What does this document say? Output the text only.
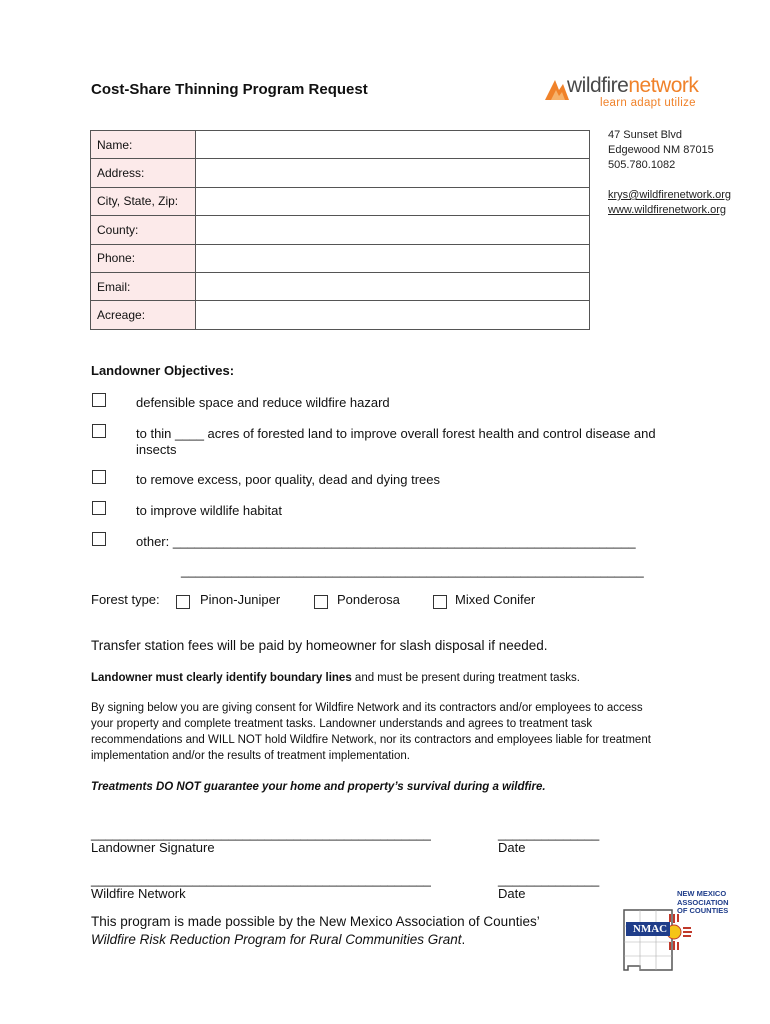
Cost-Share Thinning Program Request	wildfirenetwork
learn adapt utilize
47 Sunset Blvd
Edgewood NM 87015
505.780.1082
krys@wildfirenetwork.org
www.wildfirenetwork.org
Name:	
Address:	
City, State, Zip:	
County:	
Phone:	
Email:	
Acreage:	
Landowner Objectives:
defensible space and reduce wildfire hazard
to thin ____ acres of forested land to improve overall forest health and control disease and insects
to remove excess, poor quality, dead and dying trees
to improve wildlife habitat
other: ________________________________________________________________
________________________________________________________________
Forest type:	Pinon-Juniper	Ponderosa	Mixed Conifer
Transfer station fees will be paid by homeowner for slash disposal if needed.
Landowner must clearly identify boundary lines and must be present during treatment tasks.
By signing below you are giving consent for Wildfire Network and its contractors and/or employees to access your property and complete treatment tasks. Landowner understands and agrees to treatment task recommendations and WILL NOT hold Wildfire Network, nor its contractors and employees liable for treatment implementation and/or the results of treatment implementation.
Treatments DO NOT guarantee your home and property’s survival during a wildfire.
_______________________________________________	______________
Landowner Signature	Date
_______________________________________________	______________
Wildfire Network	Date
This program is made possible by the New Mexico Association of Counties’ Wildfire Risk Reduction Program for Rural Communities Grant.
NMAC
NEW MEXICO
ASSOCIATION
OF COUNTIES
